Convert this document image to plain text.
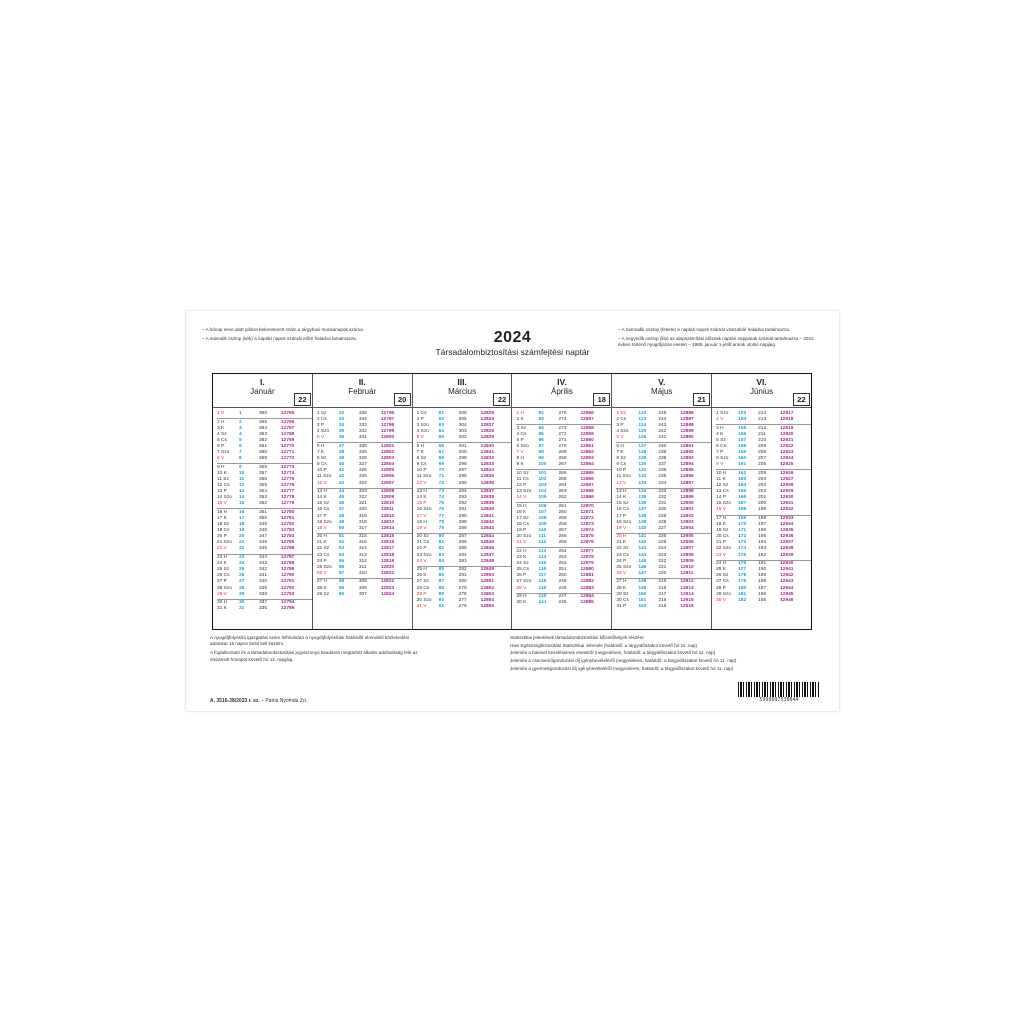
– A hónap neve alatt jobbra bekeretezett szám a tárgyhavi munkanapok száma.

– A második oszlop (kék) a naptári napok számát előre haladva tartalmazza.	2024
Társadalombiztosítási számfejtési naptár

– A harmadik oszlop (fekete) a naptári napok számát visszafelé haladva tartalmazza.

– A negyedik oszlop (lila) az alapszámítási időszak naptári napjainak számát tartalmazza – 2022. évben történő nyugdíjazás esetén – 1988. január 1-jétől annak utolsó napjáig.

I.
Január
22
1 V	1	366	12765
2 H	2	365	12766
3 K	3	364	12767
4 Sz	4	363	12768
5 Cs	5	362	12769
6 P	6	361	12770
7 Szo	7	360	12771
8 V	8	359	12772
9 H	9	358	12773
10 K	10	357	12774
11 Sz	11	356	12775
12 Cs	12	355	12776
13 P	13	354	12777
14 Szo	14	353	12778
15 V	15	352	12779
16 H	16	351	12780
17 K	17	350	12781
18 Sz	18	349	12782
19 Cs	19	348	12783
20 P	20	347	12784
21 Szo	21	346	12785
22 V	22	345	12786
23 H	23	344	12787
24 K	24	343	12788
25 Sz	25	342	12789
26 Cs	26	341	12790
27 P	27	340	12791
28 Szo	28	339	12792
29 V	29	338	12793
30 H	30	337	12794
31 K	31	336	12795
II.
Február
20
1 Sz	32	335	12796
2 Cs	33	334	12797
3 P	34	333	12798
4 Szo	35	332	12799
5 V	36	331	12800
6 H	37	330	12801
7 K	38	329	12802
8 Sz	39	328	12803
9 Cs	40	327	12804
10 P	41	326	12805
11 Szo	42	325	12806
12 V	43	324	12807
13 H	44	323	12808
14 K	45	322	12809
15 Sz	46	321	12810
16 Cs	47	320	12811
17 P	48	319	12812
18 Szo	49	318	12813
19 V	50	317	12814
20 H	51	316	12815
21 K	52	315	12816
22 Sz	53	314	12817
23 Cs	54	313	12818
24 P	55	312	12819
25 Szo	56	311	12820
26 V	57	310	12821
27 H	58	309	12822
28 K	59	308	12823
29 Sz	60	307	12824
III.
Március
22
1 Cs	61	306	12825
2 P	62	305	12826
3 Szo	63	304	12827
4 Szo	64	303	12828
5 V	65	302	12829
6 H	66	301	12830
7 K	67	300	12831
8 Sz	68	299	12832
9 Cs	69	298	12833
10 P	70	297	12834
11 Szo	71	296	12835
12 V	72	295	12836
13 H	73	294	12837
14 K	74	293	12838
15 P	75	292	12839
16 Szo	76	291	12840
17 V	77	290	12841
18 H	78	289	12842
19 V	79	288	12843
20 Sz	80	287	12844
21 Cs	81	286	12845
22 P	82	285	12846
23 Szo	83	284	12847
24 V	84	283	12848
25 H	85	282	12849
26 K	86	281	12850
27 Sz	87	280	12851
28 Cs	88	279	12852
29 P	89	278	12853
30 Szo	90	277	12854
31 V	91	276	12855
IV.
Április
18
1 H	92	275	12856
2 K	93	274	12857
3 Sz	94	273	12858
4 Cs	95	272	12859
5 P	96	271	12860
6 Szo	97	270	12861
7 V	98	269	12862
8 H	99	268	12863
9 K	100	267	12864
10 Sz	101	266	12865
11 Cs	102	265	12866
12 P	103	264	12867
13 Szo	104	263	12868
14 V	105	262	12869
15 H	106	261	12870
16 K	107	260	12871
17 Sz	108	259	12872
18 Cs	109	258	12873
19 P	110	257	12874
20 Szo	111	256	12875
21 V	112	255	12876
22 H	113	254	12877
23 K	114	253	12878
24 Sz	115	252	12879
25 Cs	116	251	12880
26 P	117	250	12881
27 Szo	118	249	12882
28 V	119	248	12883
29 H	120	247	12884
30 K	121	246	12885
V.
Május
21
1 Sz	122	245	12886
2 Cs	123	244	12887
3 P	124	243	12888
4 Szo	125	242	12889
5 V	126	241	12890
6 H	127	240	12891
7 K	128	239	12892
8 Sz	129	238	12893
9 Cs	130	237	12894
10 P	131	236	12895
11 Szo	132	235	12896
12 V	133	234	12897
13 H	134	233	12898
14 K	135	232	12899
15 Sz	136	231	12900
16 Cs	137	230	12901
17 P	138	229	12902
18 Szo	139	228	12903
19 V	140	227	12904
20 H	141	226	12905
21 K	142	225	12906
22 Sz	143	224	12907
23 Cs	144	223	12908
24 P	145	222	12909
25 Szo	146	221	12910
26 V	147	220	12911
27 H	148	219	12912
28 K	149	218	12913
29 Sz	150	217	12914
30 Cs	151	216	12915
31 P	152	215	12916
VI.
Június
22
1 Szo	153	214	12917
2 V	154	213	12918
3 H	155	212	12919
4 K	156	211	12920
5 Sz	157	210	12921
6 Cs	158	209	12922
7 P	159	208	12923
8 Szo	160	207	12924
9 V	161	206	12925
10 H	162	205	12926
11 K	163	204	12927
12 Sz	164	203	12928
13 Cs	165	202	12929
14 P	166	201	12930
15 Szo	167	200	12931
16 V	168	199	12932
17 H	169	198	12933
18 K	170	197	12934
19 Sz	171	196	12935
20 Cs	172	195	12936
21 P	173	194	12937
22 Szo	174	193	12938
23 V	175	192	12939
24 H	176	191	12940
25 K	177	190	12941
26 Sz	178	189	12942
27 Cs	179	188	12943
28 P	180	187	12944
29 Szo	181	186	12945
30 V	182	185	12946

A nyugdíjfolyósító igazgatási szerv felhívására a nyugdíjfolyósítási határidőt elrendelő közlekedési adatokat 15 napon belül kell közölni.

A foglalkoztató és a társadalombiztosítási jogviszonyú beadásra megtartott alkalmi adóhatóság felé az elszámolt hónapot követő hó 12. napjáig.

Statisztikai jelentések társadalombiztosítási kifizetőhelyek részére

Havi Egészségbiztosítási Statisztikai Jelentés (határidő: a tárgyidőszakot követő hó 11. nap)

Jelentés a baleset kezeléseinek eseteiről (negyedéves, határidő: a tárgyidőszakot követő hó 11. nap)

Jelentés a csecsemőgondozási díj igénybevételéről (negyedéves, határidő: a tárgyidőszakot követő hó 11. nap)

Jelentés a gyermekgondozási díj igénybevételéről (negyedéves, határidő: a tárgyidőszakot követő hó 11. nap)

A. 3516-38/2023 r. sz. – Pátria Nyomda Zrt.	5999097538044
